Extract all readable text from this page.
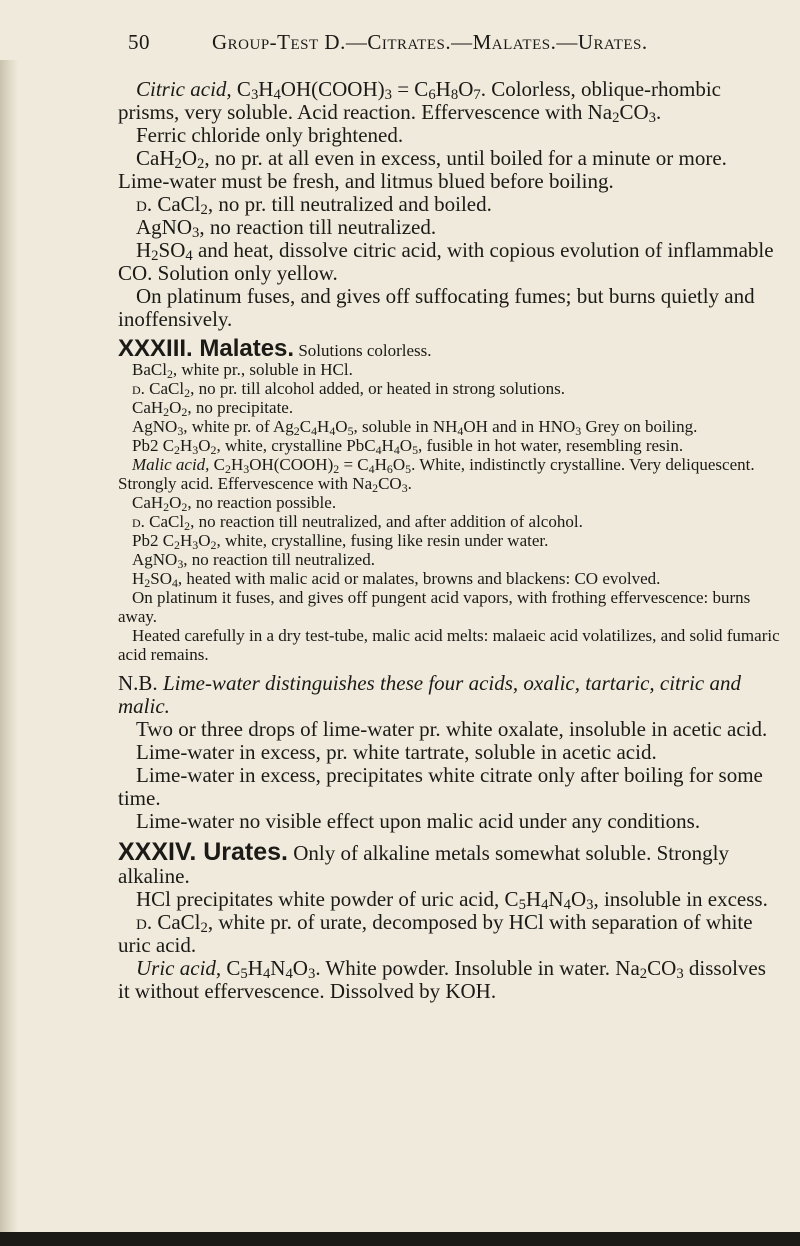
50	Group-Test D.—Citrates.—Malates.—Urates.

Citric acid, $C_3H_4OH(COOH)_3 = C_6H_8O_7$. Colorless, oblique-rhombic prisms, very soluble. Acid reaction. Effervescence with $Na_2CO_3$.

Ferric chloride only brightened.

$CaH_2O_2$, no pr. at all even in excess, until boiled for a minute or more. Lime-water must be fresh, and litmus blued before boiling.

d. CaCl$_2$, no pr. till neutralized and boiled.

AgNO$_3$, no reaction till neutralized.

$H_2SO_4$ and heat, dissolve citric acid, with copious evolution of inflammable CO. Solution only yellow.

On platinum fuses, and gives off suffocating fumes; but burns quietly and inoffensively.

XXXIII. Malates. Solutions colorless.

BaCl$_2$, white pr., soluble in HCl.

d. CaCl$_2$, no pr. till alcohol added, or heated in strong solutions.

$CaH_2O_2$, no precipitate.

AgNO$_3$, white pr. of $Ag_2C_4H_4O_5$, soluble in $NH_4OH$ and in $HNO_3$ Grey on boiling.

Pb2 $C_2H_3O_2$, white, crystalline $PbC_4H_4O_5$, fusible in hot water, resembling resin.

Malic acid, $C_2H_3OH(COOH)_2 = C_4H_6O_5$. White, indistinctly crystalline. Very deliquescent. Strongly acid. Effervescence with $Na_2CO_3$.

$CaH_2O_2$, no reaction possible.

d. CaCl$_2$, no reaction till neutralized, and after addition of alcohol.

Pb2 $C_2H_3O_2$, white, crystalline, fusing like resin under water.

AgNO$_3$, no reaction till neutralized.

$H_2SO_4$, heated with malic acid or malates, browns and blackens: CO evolved.

On platinum it fuses, and gives off pungent acid vapors, with frothing effervescence: burns away.

Heated carefully in a dry test-tube, malic acid melts: malaeic acid volatilizes, and solid fumaric acid remains.

N.B. Lime-water distinguishes these four acids, oxalic, tartaric, citric and malic.

Two or three drops of lime-water pr. white oxalate, insoluble in acetic acid.

Lime-water in excess, pr. white tartrate, soluble in acetic acid.

Lime-water in excess, precipitates white citrate only after boiling for some time.

Lime-water no visible effect upon malic acid under any conditions.

XXXIV. Urates. Only of alkaline metals somewhat soluble. Strongly alkaline.

HCl precipitates white powder of uric acid, $C_5H_4N_4O_3$, insoluble in excess.

d. CaCl$_2$, white pr. of urate, decomposed by HCl with separation of white uric acid.

Uric acid, $C_5H_4N_4O_3$. White powder. Insoluble in water. $Na_2CO_3$ dissolves it without effervescence. Dissolved by KOH.
